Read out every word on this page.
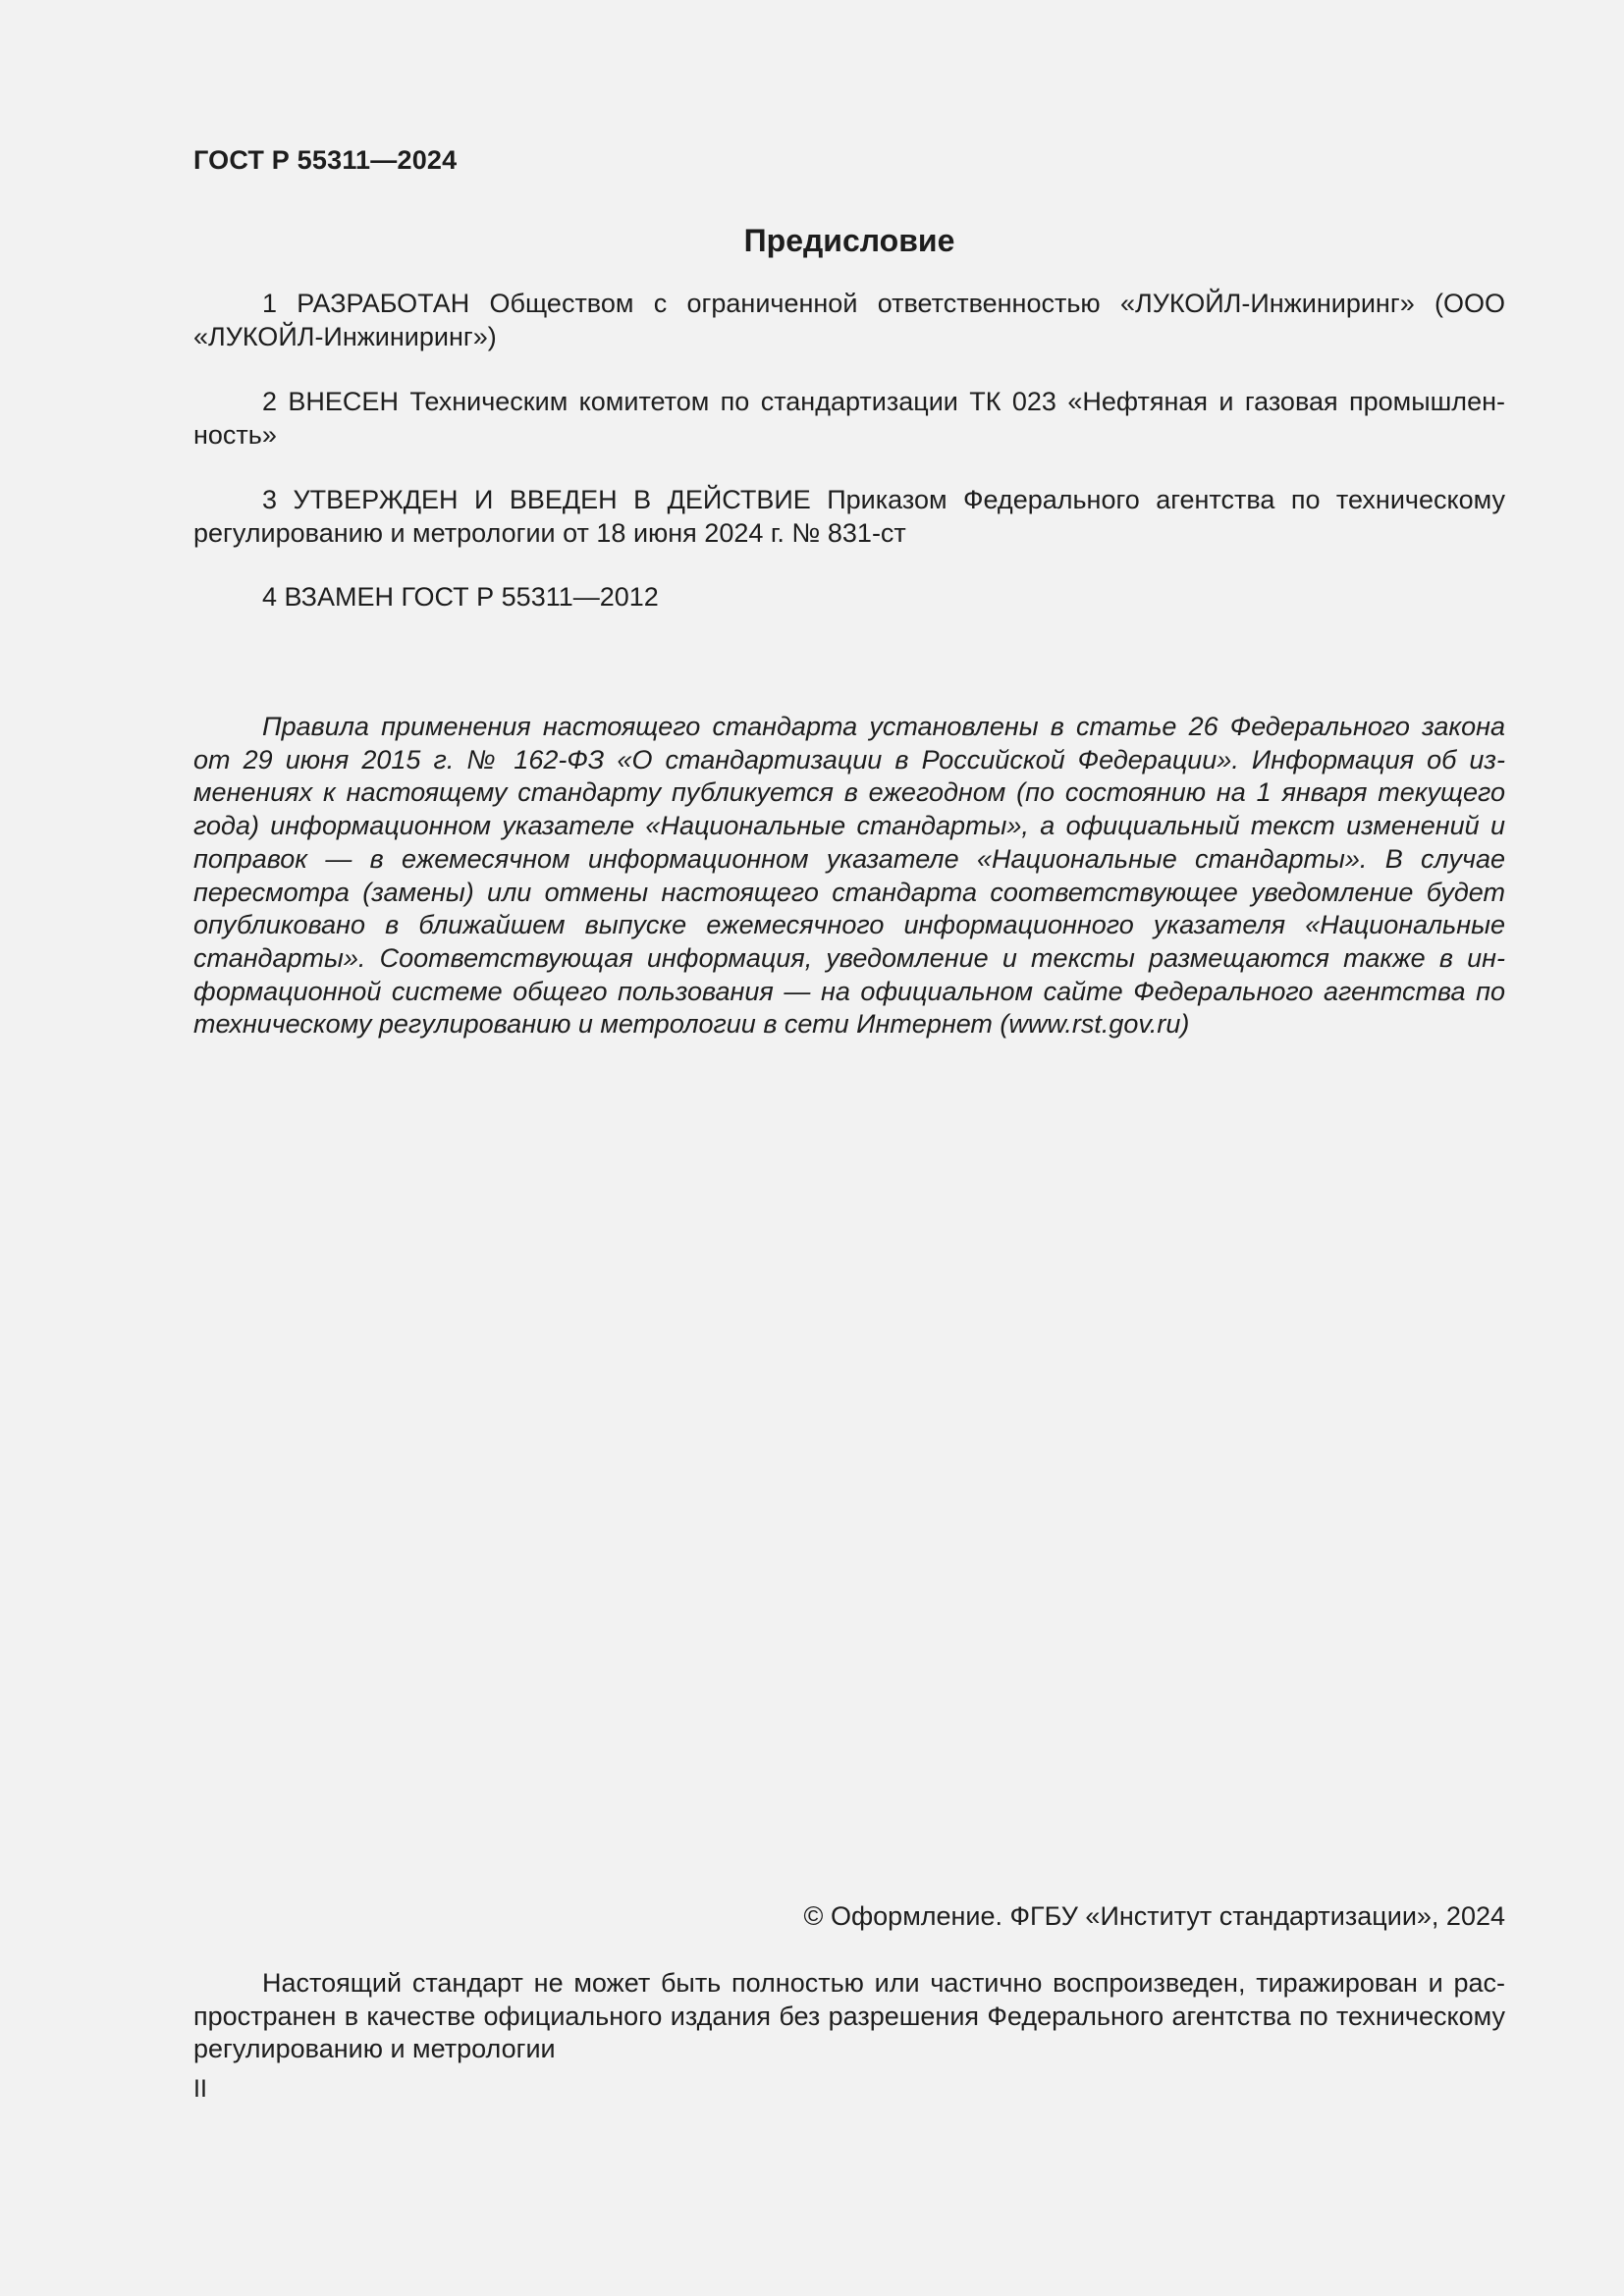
ГОСТ Р 55311—2024
Предисловие

1 РАЗРАБОТАН Обществом с ограниченной ответственностью «ЛУКОЙЛ-Инжиниринг» (ООО «ЛУКОЙЛ-Инжиниринг»)

2 ВНЕСЕН Техническим комитетом по стандартизации ТК 023 «Нефтяная и газовая промышленность»

3 УТВЕРЖДЕН И ВВЕДЕН В ДЕЙСТВИЕ Приказом Федерального агентства по техническому регулированию и метрологии от 18 июня 2024 г. № 831-ст

4 ВЗАМЕН ГОСТ Р 55311—2012

Правила применения настоящего стандарта установлены в статье 26 Федерального закона от 29 июня 2015 г. № 162-ФЗ «О стандартизации в Российской Федерации». Информация об изменениях к настоящему стандарту публикуется в ежегодном (по состоянию на 1 января текущего года) информационном указателе «Национальные стандарты», а официальный текст изменений и поправок — в ежемесячном информационном указателе «Национальные стандарты». В случае пересмотра (замены) или отмены настоящего стандарта соответствующее уведомление будет опубликовано в ближайшем выпуске ежемесячного информационного указателя «Национальные стандарты». Соответствующая информация, уведомление и тексты размещаются также в информационной системе общего пользования — на официальном сайте Федерального агентства по техническому регулированию и метрологии в сети Интернет (www.rst.gov.ru)

© Оформление. ФГБУ «Институт стандартизации», 2024

Настоящий стандарт не может быть полностью или частично воспроизведен, тиражирован и распространен в качестве официального издания без разрешения Федерального агентства по техническому регулированию и метрологии

II
